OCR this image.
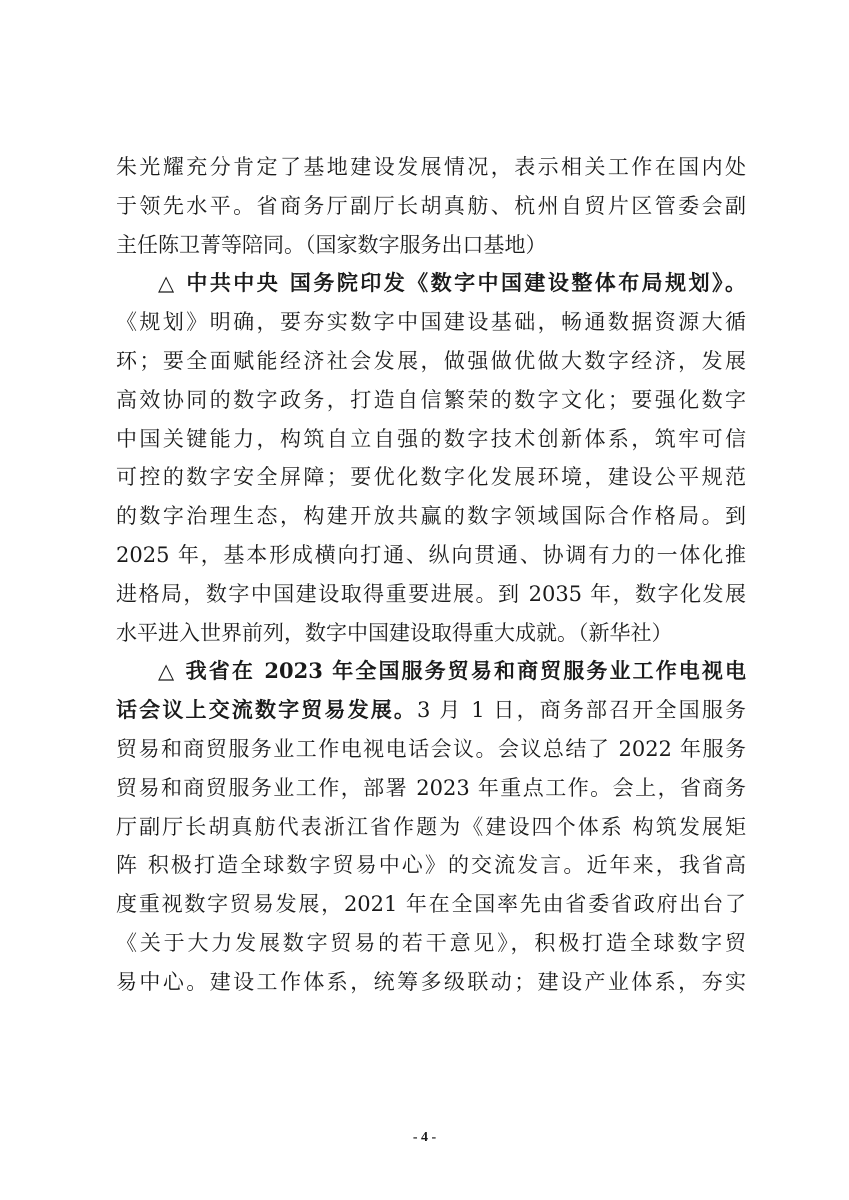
朱光耀充分肯定了基地建设发展情况，表示相关工作在国内处
于领先水平。省商务厅副厅长胡真舫、杭州自贸片区管委会副
主任陈卫菁等陪同。（国家数字服务出口基地）
△ 中共中央 国务院印发《数字中国建设整体布局规划》。
《规划》明确，要夯实数字中国建设基础，畅通数据资源大循
环；要全面赋能经济社会发展，做强做优做大数字经济，发展
高效协同的数字政务，打造自信繁荣的数字文化；要强化数字
中国关键能力，构筑自立自强的数字技术创新体系，筑牢可信
可控的数字安全屏障；要优化数字化发展环境，建设公平规范
的数字治理生态，构建开放共赢的数字领域国际合作格局。到
2025 年，基本形成横向打通、纵向贯通、协调有力的一体化推
进格局，数字中国建设取得重要进展。到 2035 年，数字化发展
水平进入世界前列，数字中国建设取得重大成就。（新华社）
△ 我省在 2023 年全国服务贸易和商贸服务业工作电视电
话会议上交流数字贸易发展。3 月 1 日，商务部召开全国服务
贸易和商贸服务业工作电视电话会议。会议总结了 2022 年服务
贸易和商贸服务业工作，部署 2023 年重点工作。会上，省商务
厅副厅长胡真舫代表浙江省作题为《建设四个体系 构筑发展矩
阵 积极打造全球数字贸易中心》的交流发言。近年来，我省高
度重视数字贸易发展，2021 年在全国率先由省委省政府出台了
《关于大力发展数字贸易的若干意见》，积极打造全球数字贸
易中心。建设工作体系，统筹多级联动；建设产业体系，夯实
- 4 -
